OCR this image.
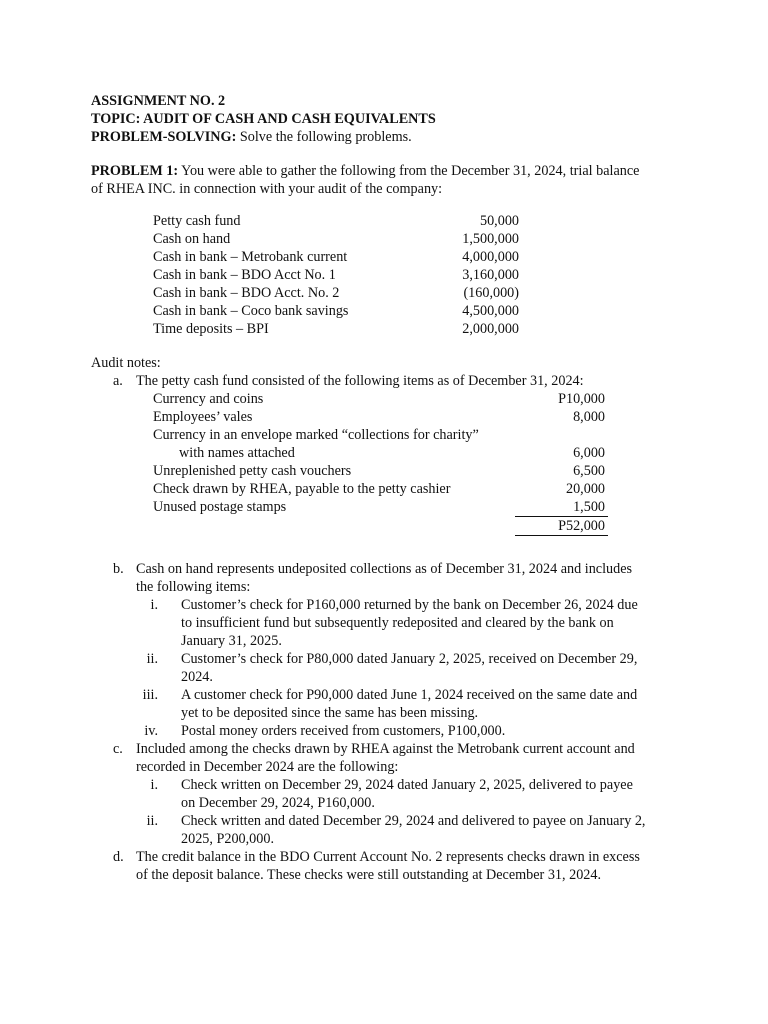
ASSIGNMENT NO. 2
TOPIC: AUDIT OF CASH AND CASH EQUIVALENTS
PROBLEM-SOLVING: Solve the following problems.
PROBLEM 1: You were able to gather the following from the December 31, 2024, trial balance
of RHEA INC. in connection with your audit of the company:
Petty cash fund	50,000
Cash on hand	1,500,000
Cash in bank – Metrobank current	4,000,000
Cash in bank – BDO Acct No. 1	3,160,000
Cash in bank – BDO Acct. No. 2	(160,000)
Cash in bank – Coco bank savings	4,500,000
Time deposits – BPI	2,000,000
Audit notes:
a. The petty cash fund consisted of the following items as of December 31, 2024:
Currency and coins	P10,000
Employees’ vales	8,000
Currency in an envelope marked “collections for charity”
with names attached	6,000
Unreplenished petty cash vouchers	6,500
Check drawn by RHEA, payable to the petty cashier	20,000
Unused postage stamps	1,500
P52,000
b. Cash on hand represents undeposited collections as of December 31, 2024 and includes
the following items:
i. Customer’s check for P160,000 returned by the bank on December 26, 2024 due
to insufficient fund but subsequently redeposited and cleared by the bank on
January 31, 2025.
ii. Customer’s check for P80,000 dated January 2, 2025, received on December 29,
2024.
iii. A customer check for P90,000 dated June 1, 2024 received on the same date and
yet to be deposited since the same has been missing.
iv. Postal money orders received from customers, P100,000.
c. Included among the checks drawn by RHEA against the Metrobank current account and
recorded in December 2024 are the following:
i. Check written on December 29, 2024 dated January 2, 2025, delivered to payee
on December 29, 2024, P160,000.
ii. Check written and dated December 29, 2024 and delivered to payee on January 2,
2025, P200,000.
d. The credit balance in the BDO Current Account No. 2 represents checks drawn in excess
of the deposit balance. These checks were still outstanding at December 31, 2024.
